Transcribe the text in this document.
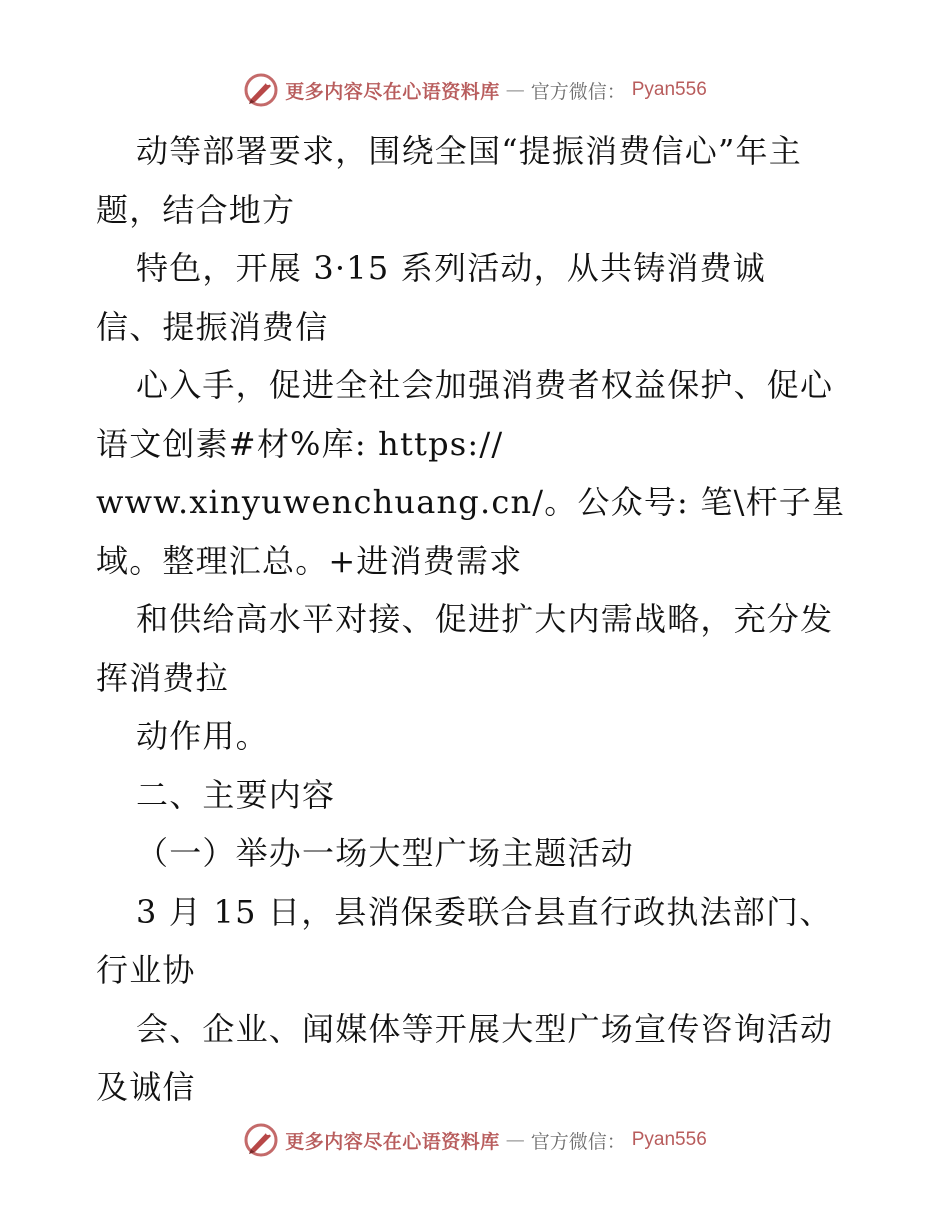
更多内容尽在心语资料库 — 官方微信： Pyan556
动等部署要求，围绕全国“提振消费信心”年主
题，结合地方
特色，开展 3·15 系列活动，从共铸消费诚
信、提振消费信
心入手，促进全社会加强消费者权益保护、促心
语文创素#材%库: https://
www.xinyuwenchuang.cn/。公众号: 笔\杆子星
域。整理汇总。+进消费需求
和供给高水平对接、促进扩大内需战略，充分发
挥消费拉
动作用。
二、主要内容
（一）举办一场大型广场主题活动
3 月 15 日，县消保委联合县直行政执法部门、
行业协
会、企业、闻媒体等开展大型广场宣传咨询活动
及诚信
更多内容尽在心语资料库 — 官方微信： Pyan556
